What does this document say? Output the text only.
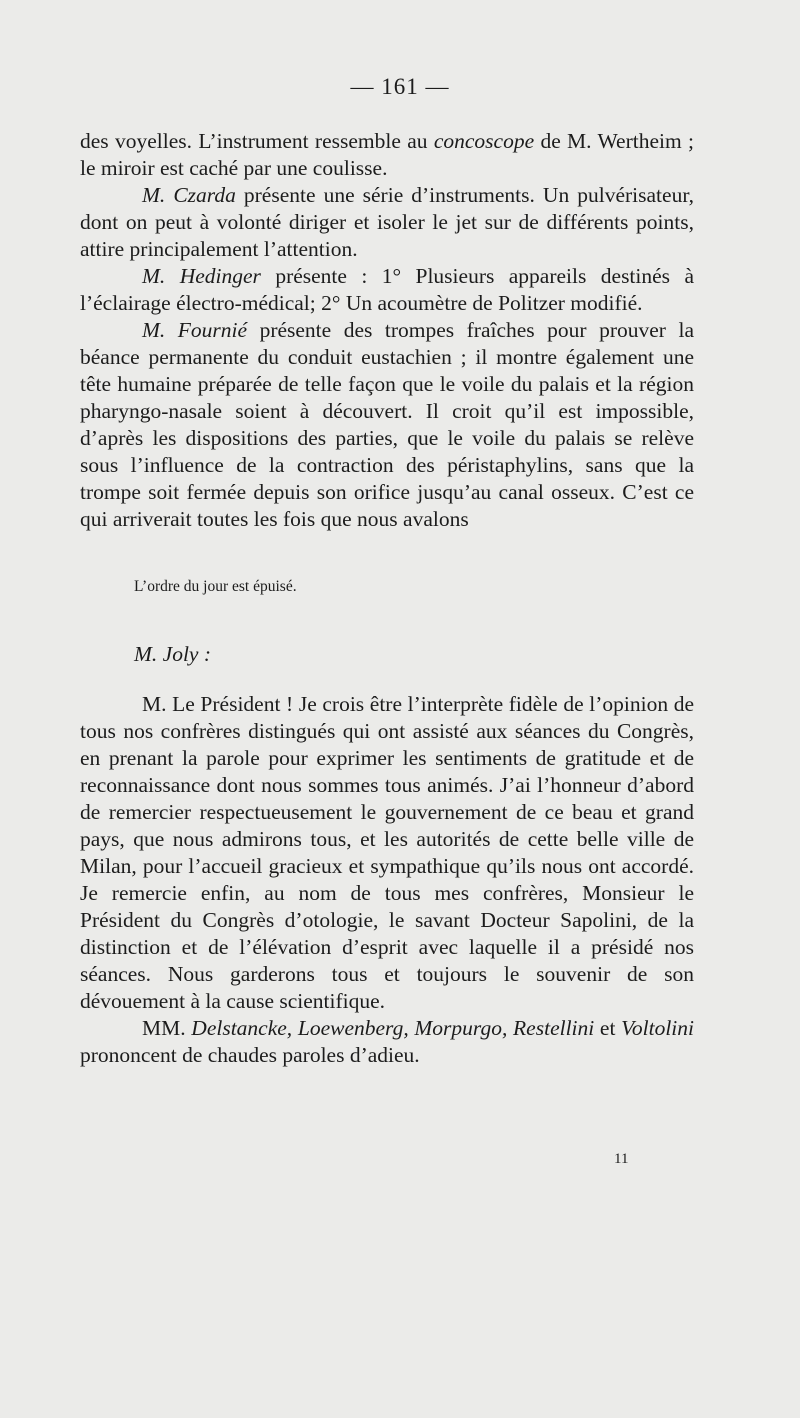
— 161 —

des voyelles. L’instrument ressemble au concoscope de M. Wertheim ; le miroir est caché par une coulisse.

M. Czarda présente une série d’instruments. Un pulvérisateur, dont on peut à volonté diriger et isoler le jet sur de différents points, attire principalement l’attention.

M. Hedinger présente : 1° Plusieurs appareils destinés à l’éclairage électro-médical; 2° Un acoumètre de Politzer modifié.

M. Fournié présente des trompes fraîches pour prouver la béance permanente du conduit eustachien ; il montre également une tête humaine préparée de telle façon que le voile du palais et la région pharyngo-nasale soient à découvert. Il croit qu’il est impossible, d’après les dispositions des parties, que le voile du palais se relève sous l’influence de la contraction des péristaphylins, sans que la trompe soit fermée depuis son orifice jusqu’au canal osseux. C’est ce qui arriverait toutes les fois que nous avalons

L’ordre du jour est épuisé.

M. Joly :

M. Le Président ! Je crois être l’interprète fidèle de l’opinion de tous nos confrères distingués qui ont assisté aux séances du Congrès, en prenant la parole pour exprimer les sentiments de gratitude et de reconnaissance dont nous sommes tous animés. J’ai l’honneur d’abord de remercier respectueusement le gouvernement de ce beau et grand pays, que nous admirons tous, et les autorités de cette belle ville de Milan, pour l’accueil gracieux et sympathique qu’ils nous ont accordé. Je remercie enfin, au nom de tous mes confrères, Monsieur le Président du Congrès d’otologie, le savant Docteur Sapolini, de la distinction et de l’élévation d’esprit avec laquelle il a présidé nos séances. Nous garderons tous et toujours le souvenir de son dévouement à la cause scientifique.

MM. Delstancke, Loewenberg, Morpurgo, Restellini et Voltolini prononcent de chaudes paroles d’adieu.

11
